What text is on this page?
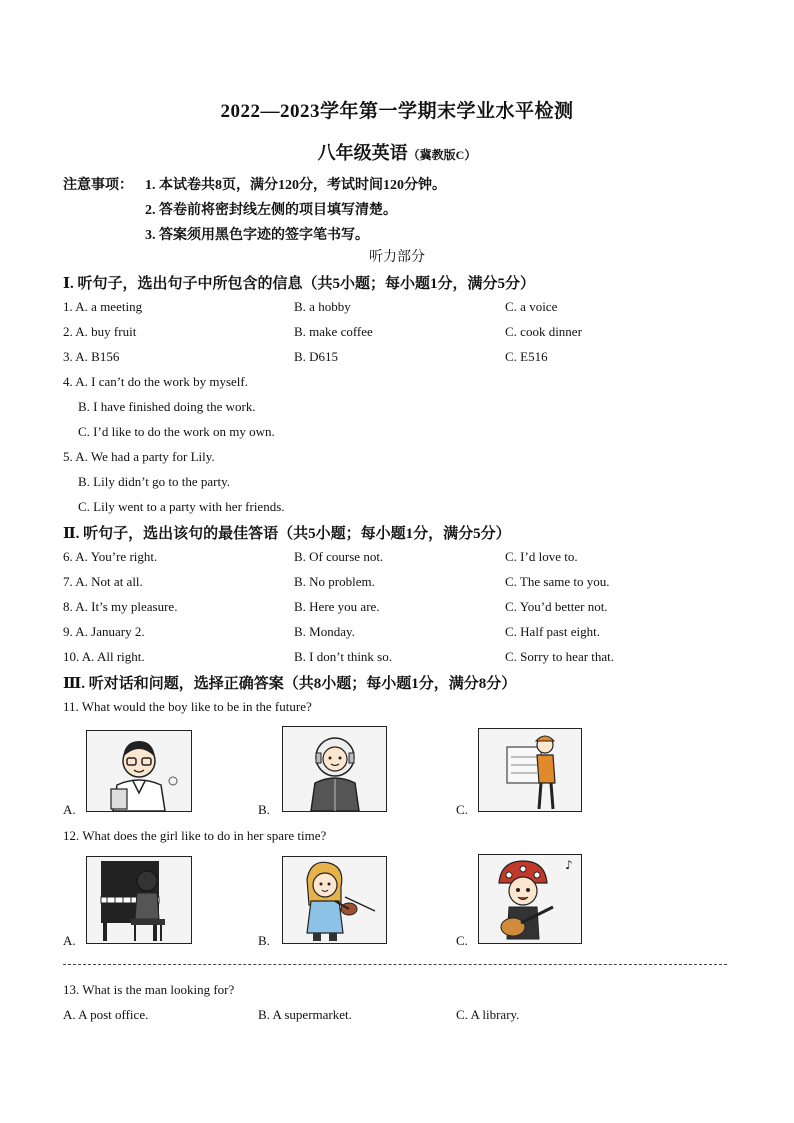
2022—2023学年第一学期末学业水平检测
八年级英语（冀教版C）
注意事项： 1. 本试卷共8页，满分120分，考试时间120分钟。
2. 答卷前将密封线左侧的项目填写清楚。
3. 答案须用黑色字迹的签字笔书写。
听力部分
Ⅰ. 听句子，选出句子中所包含的信息（共5小题；每小题1分，满分5分）
1. A. a meeting	B. a hobby	C. a voice
2. A. buy fruit	B. make coffee	C. cook dinner
3. A. B156	B. D615	C. E516
4. A. I can’t do the work by myself.
B. I have finished doing the work.
C. I’d like to do the work on my own.
5. A. We had a party for Lily.
B. Lily didn’t go to the party.
C. Lily went to a party with her friends.
Ⅱ. 听句子，选出该句的最佳答语（共5小题；每小题1分，满分5分）
6. A. You’re right.	B. Of course not.	C. I’d love to.
7. A. Not at all.	B. No problem.	C. The same to you.
8. A. It’s my pleasure.	B. Here you are.	C. You’d better not.
9. A. January 2.	B. Monday.	C. Half past eight.
10. A. All right.	B. I don’t think so.	C. Sorry to hear that.
Ⅲ. 听对话和问题，选择正确答案（共8小题；每小题1分，满分8分）
11. What would the boy like to be in the future?
A.	B.	C.
12. What does the girl like to do in her spare time?
A.	B.	C.
♪
13. What is the man looking for?
A. A post office.	B. A supermarket.	C. A library.
